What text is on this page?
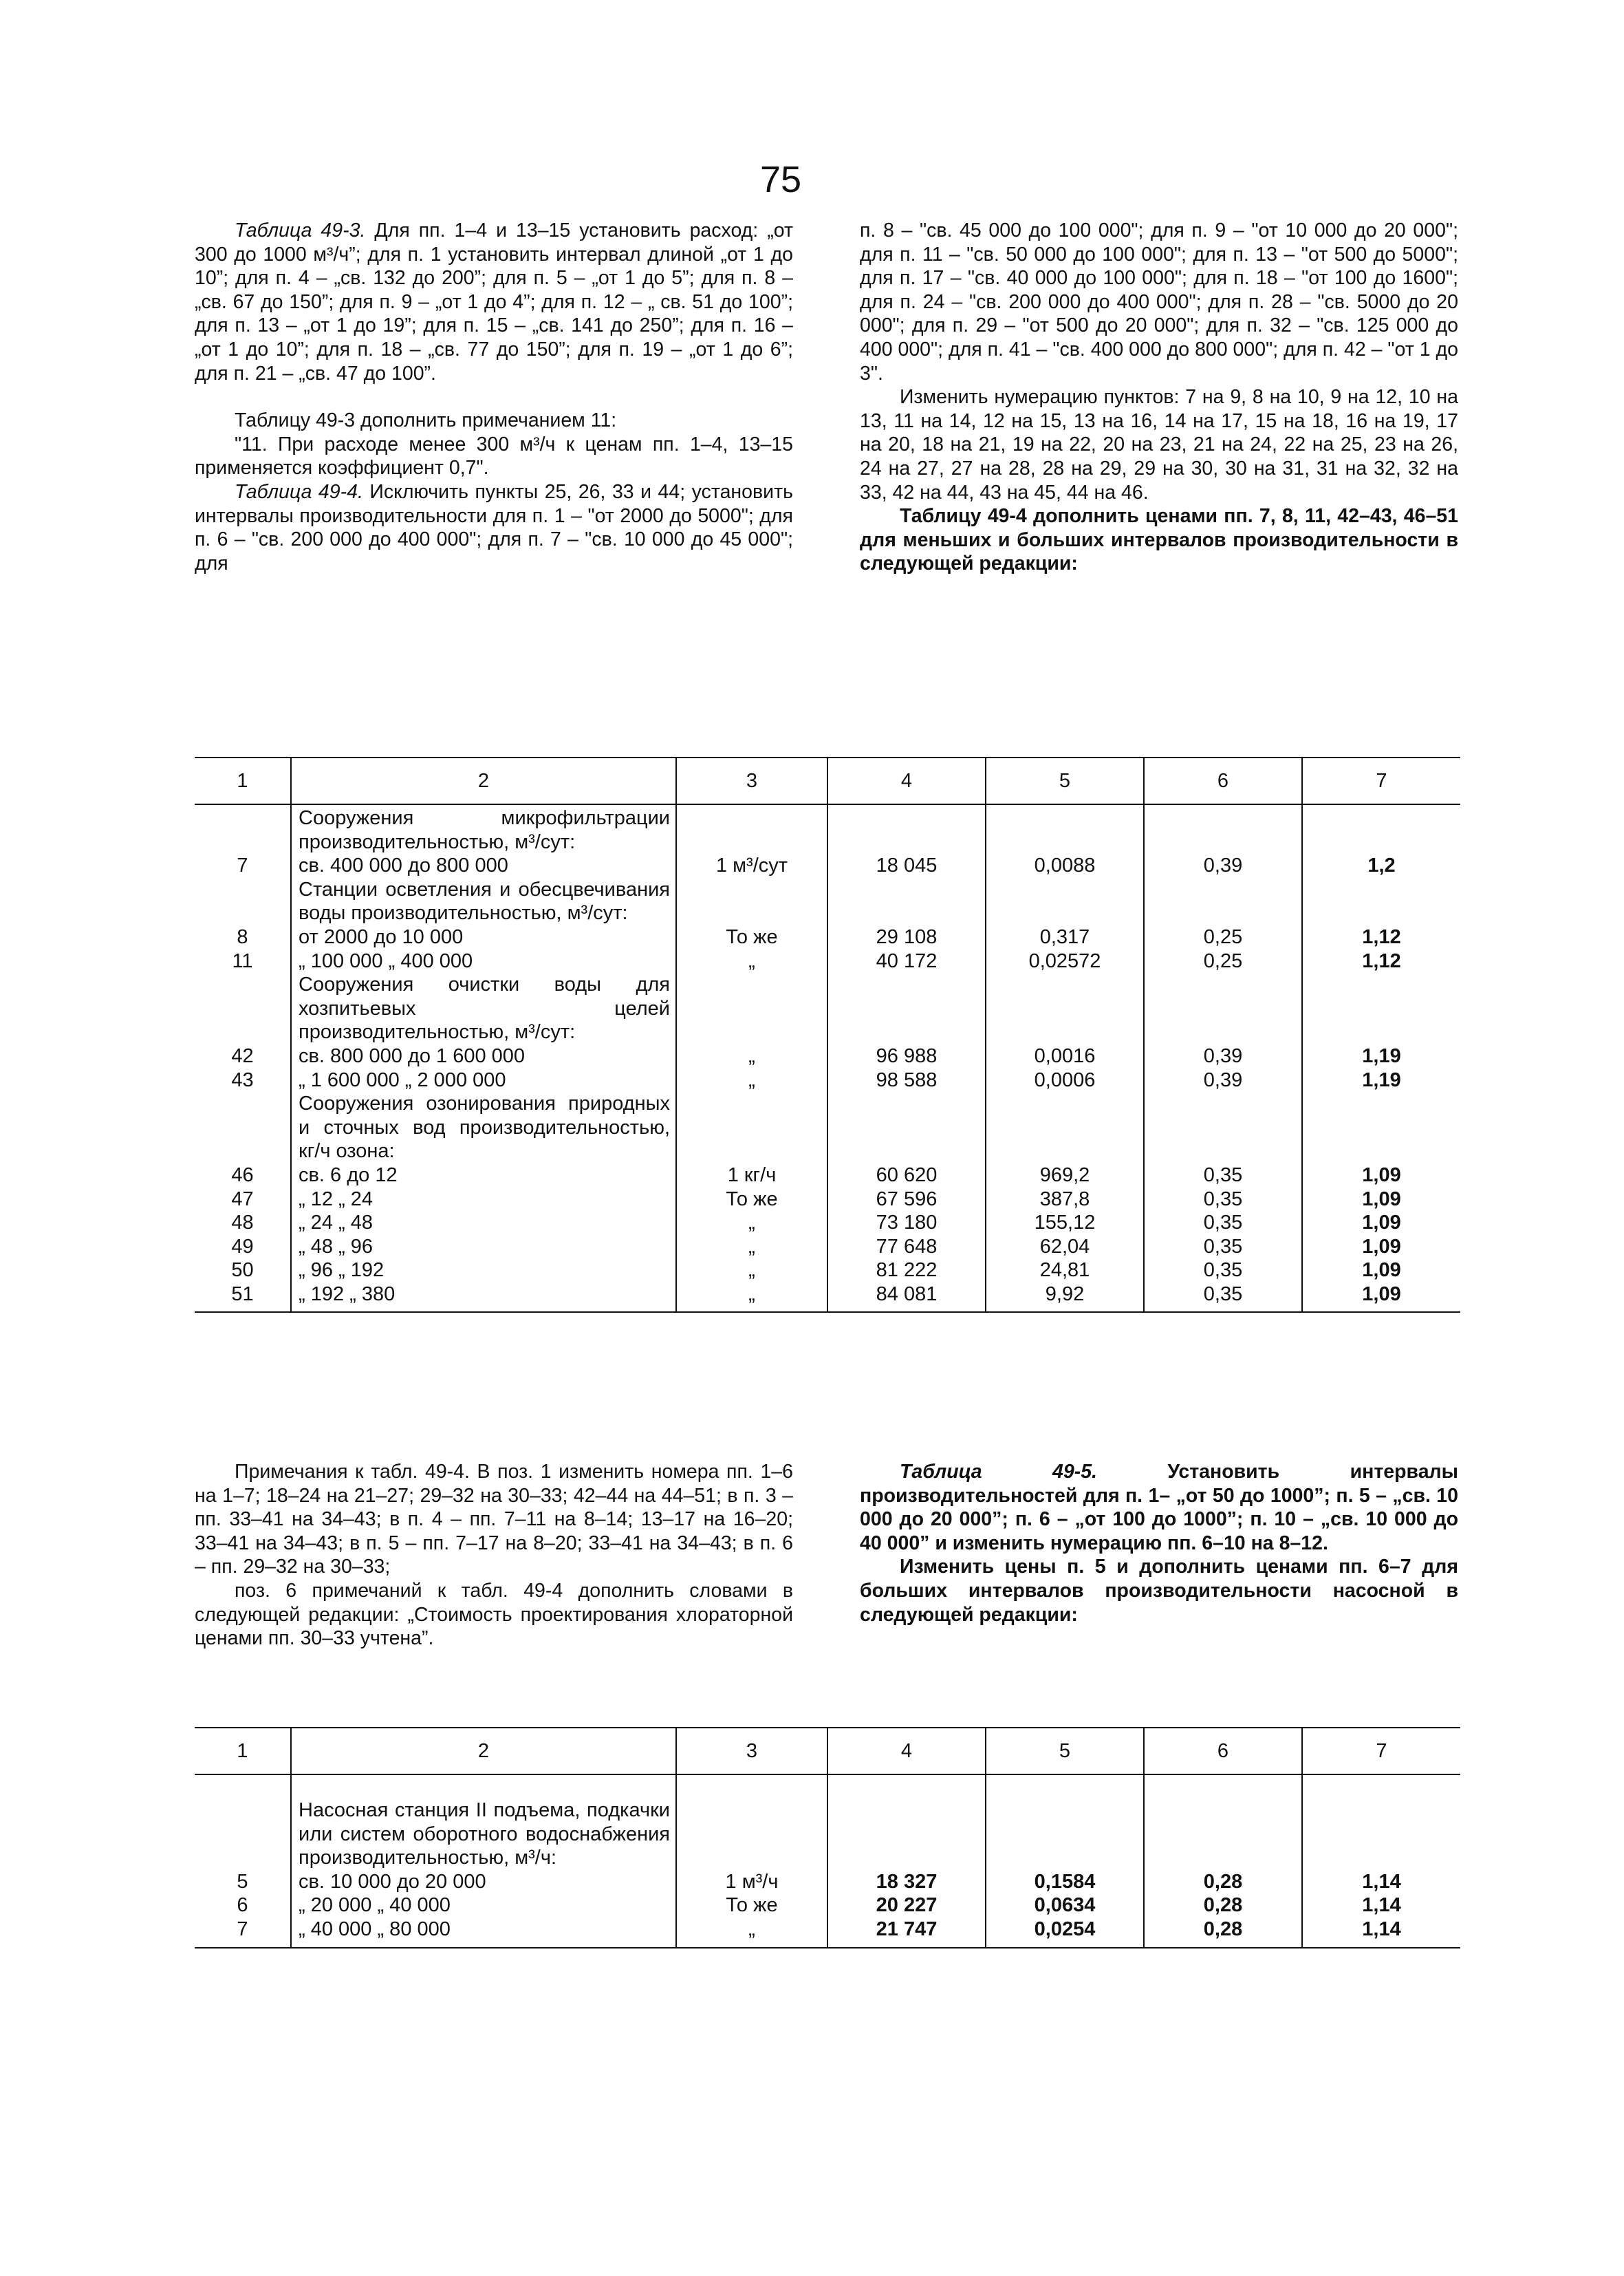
75

Таблица 49-3. Для пп. 1–4 и 13–15 установить расход: „от 300 до 1000 м³/ч”; для п. 1 установить интервал длиной „от 1 до 10”; для п. 4 – „св. 132 до 200”; для п. 5 – „от 1 до 5”; для п. 8 – „св. 67 до 150”; для п. 9 – „от 1 до 4”; для п. 12 – „ св. 51 до 100”; для п. 13 – „от 1 до 19”; для п. 15 – „св. 141 до 250”; для п. 16 – „от 1 до 10”; для п. 18 – „св. 77 до 150”; для п. 19 – „от 1 до 6”; для п. 21 – „св. 47 до 100”.

Таблицу 49-3 дополнить примечанием 11:

"11. При расходе менее 300 м³/ч к ценам пп. 1–4, 13–15 применяется коэффициент 0,7".

Таблица 49-4. Исключить пункты 25, 26, 33 и 44; установить интервалы производительности для п. 1 – "от 2000 до 5000"; для п. 6 – "св. 200 000 до 400 000"; для п. 7 – "св. 10 000 до 45 000"; для

п. 8 – "св. 45 000 до 100 000"; для п. 9 – "от 10 000 до 20 000"; для п. 11 – "св. 50 000 до 100 000"; для п. 13 – "от 500 до 5000"; для п. 17 – "св. 40 000 до 100 000"; для п. 18 – "от 100 до 1600"; для п. 24 – "св. 200 000 до 400 000"; для п. 28 – "св. 5000 до 20 000"; для п. 29 – "от 500 до 20 000"; для п. 32 – "св. 125 000 до 400 000"; для п. 41 – "св. 400 000 до 800 000"; для п. 42 – "от 1 до 3".

Изменить нумерацию пунктов: 7 на 9, 8 на 10, 9 на 12, 10 на 13, 11 на 14, 12 на 15, 13 на 16, 14 на 17, 15 на 18, 16 на 19, 17 на 20, 18 на 21, 19 на 22, 20 на 23, 21 на 24, 22 на 25, 23 на 26, 24 на 27, 27 на 28, 28 на 29, 29 на 30, 30 на 31, 31 на 32, 32 на 33, 42 на 44, 43 на 45, 44 на 46.

Таблицу 49-4 дополнить ценами пп. 7, 8, 11, 42–43, 46–51 для меньших и больших интервалов производительности в следующей редакции:

1	2	3	4	5	6	7
	Сооружения микрофильтрации производительностью, м³/сут:					
7	св. 400 000 до 800 000	1 м³/сут	18 045	0,0088	0,39	1,2
	Станции осветления и обесцвечивания воды производительностью, м³/сут:					
8	от 2000 до 10 000	То же	29 108	0,317	0,25	1,12
11	„ 100 000 „ 400 000	„	40 172	0,02572	0,25	1,12
	Сооружения очистки воды для хозпитьевых целей производительностью, м³/сут:					
42	св. 800 000 до 1 600 000	„	96 988	0,0016	0,39	1,19
43	„ 1 600 000 „ 2 000 000	„	98 588	0,0006	0,39	1,19
	Сооружения озонирования природных и сточных вод производительностью, кг/ч озона:					
46	св. 6 до 12	1 кг/ч	60 620	969,2	0,35	1,09
47	„ 12 „ 24	То же	67 596	387,8	0,35	1,09
48	„ 24 „ 48	„	73 180	155,12	0,35	1,09
49	„ 48 „ 96	„	77 648	62,04	0,35	1,09
50	„ 96 „ 192	„	81 222	24,81	0,35	1,09
51	„ 192 „ 380	„	84 081	9,92	0,35	1,09

Примечания к табл. 49-4. В поз. 1 изменить номера пп. 1–6 на 1–7; 18–24 на 21–27; 29–32 на 30–33; 42–44 на 44–51; в п. 3 – пп. 33–41 на 34–43; в п. 4 – пп. 7–11 на 8–14; 13–17 на 16–20; 33–41 на 34–43; в п. 5 – пп. 7–17 на 8–20; 33–41 на 34–43; в п. 6 – пп. 29–32 на 30–33;

поз. 6 примечаний к табл. 49-4 дополнить словами в следующей редакции: „Стоимость проектирования хлораторной ценами пп. 30–33 учтена”.

Таблица 49-5. Установить интервалы производительностей для п. 1– „от 50 до 1000”; п. 5 – „св. 10 000 до 20 000”; п. 6 – „от 100 до 1000”; п. 10 – „св. 10 000 до 40 000” и изменить нумерацию пп. 6–10 на 8–12.

Изменить цены п. 5 и дополнить ценами пп. 6–7 для больших интервалов производительности насосной в следующей редакции:

1	2	3	4	5	6	7
	Насосная станция II подъема, подкачки или систем оборотного водоснабжения производительностью, м³/ч:					
5	св. 10 000 до 20 000	1 м³/ч	18 327	0,1584	0,28	1,14
6	„ 20 000 „ 40 000	То же	20 227	0,0634	0,28	1,14
7	„ 40 000 „ 80 000	„	21 747	0,0254	0,28	1,14
